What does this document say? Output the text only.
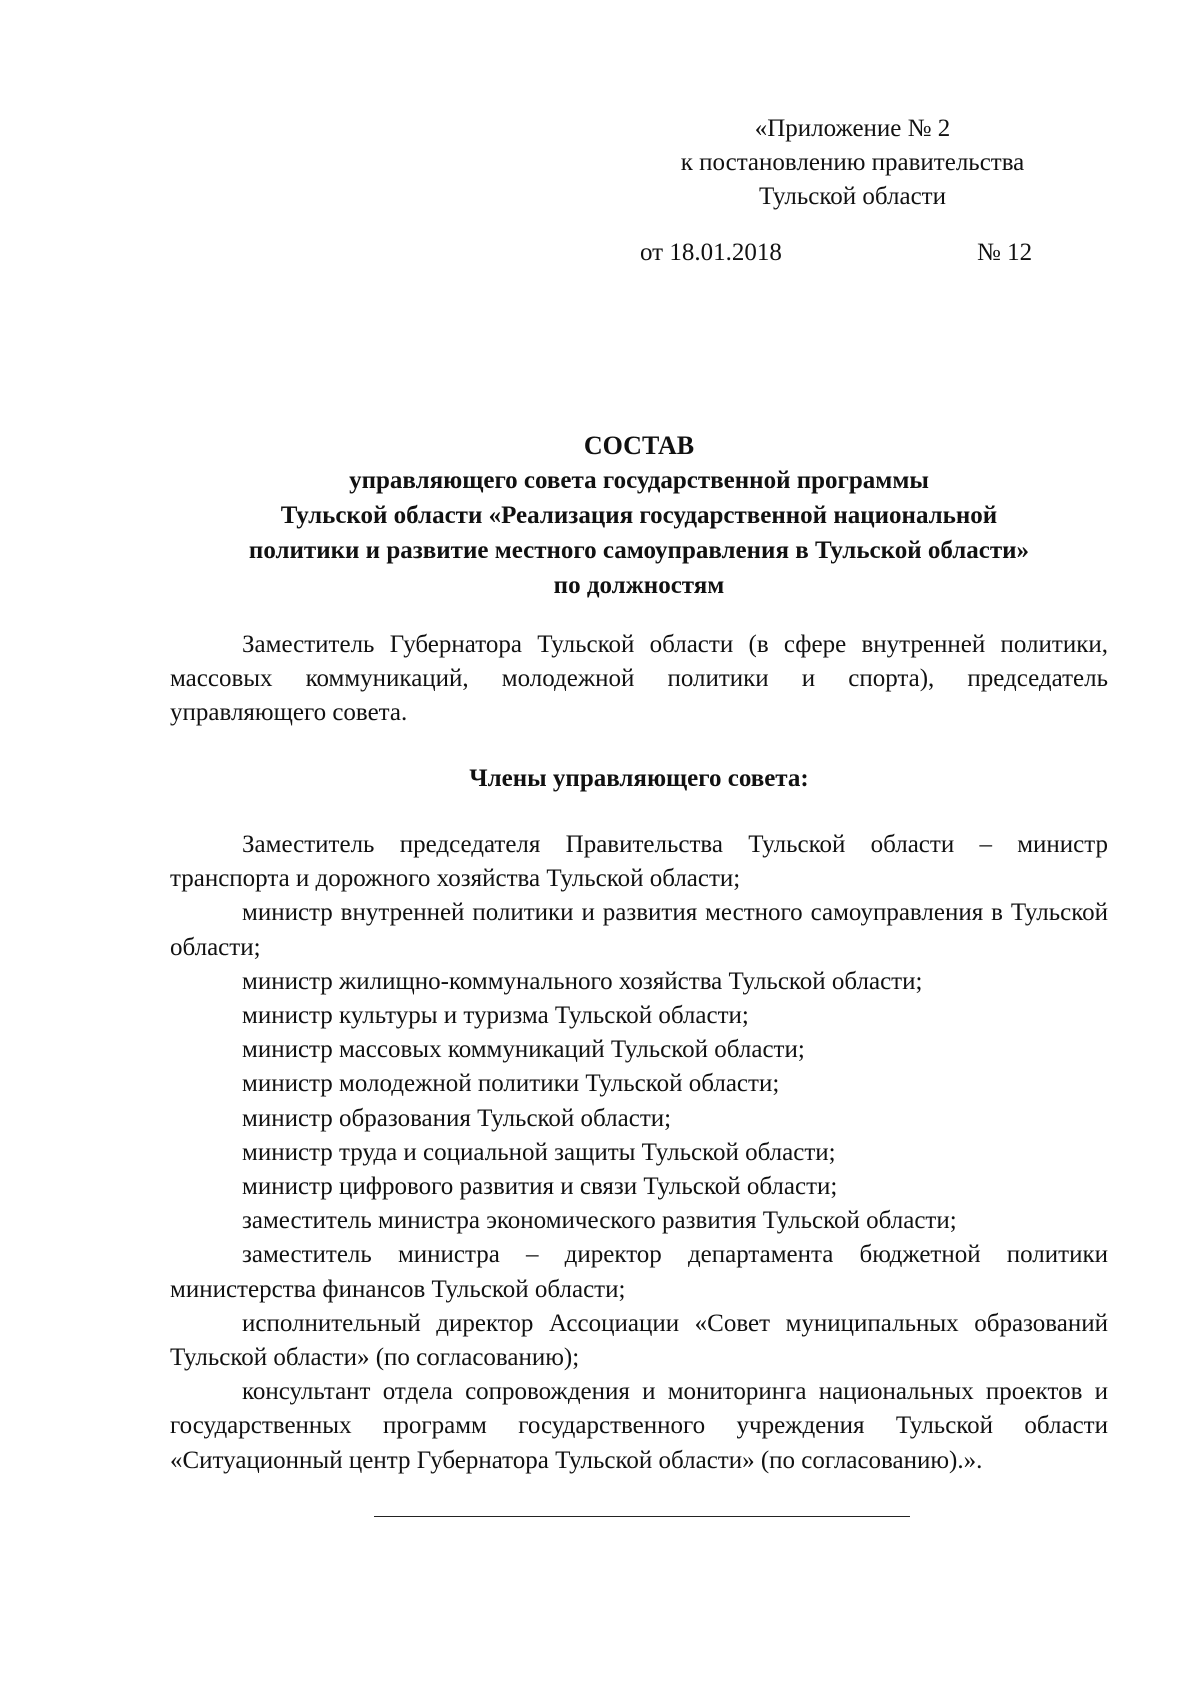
«Приложение № 2
к постановлению правительства
Тульской области
от 18.01.2018	№ 12
СОСТАВ
управляющего совета государственной программы
Тульской области «Реализация государственной национальной
политики и развитие местного самоуправления в Тульской области»
по должностям

Заместитель Губернатора Тульской области (в сфере внутренней политики, массовых коммуникаций, молодежной политики и спорта), председатель управляющего совета.

Члены управляющего совета:

Заместитель председателя Правительства Тульской области – министр транспорта и дорожного хозяйства Тульской области;

министр внутренней политики и развития местного самоуправления в Тульской области;

министр жилищно-коммунального хозяйства Тульской области;

министр культуры и туризма Тульской области;

министр массовых коммуникаций Тульской области;

министр молодежной политики Тульской области;

министр образования Тульской области;

министр труда и социальной защиты Тульской области;

министр цифрового развития и связи Тульской области;

заместитель министра экономического развития Тульской области;

заместитель министра – директор департамента бюджетной политики министерства финансов Тульской области;

исполнительный директор Ассоциации «Совет муниципальных образований Тульской области» (по согласованию);

консультант отдела сопровождения и мониторинга национальных проектов и государственных программ государственного учреждения Тульской области «Ситуационный центр Губернатора Тульской области» (по согласованию).».
